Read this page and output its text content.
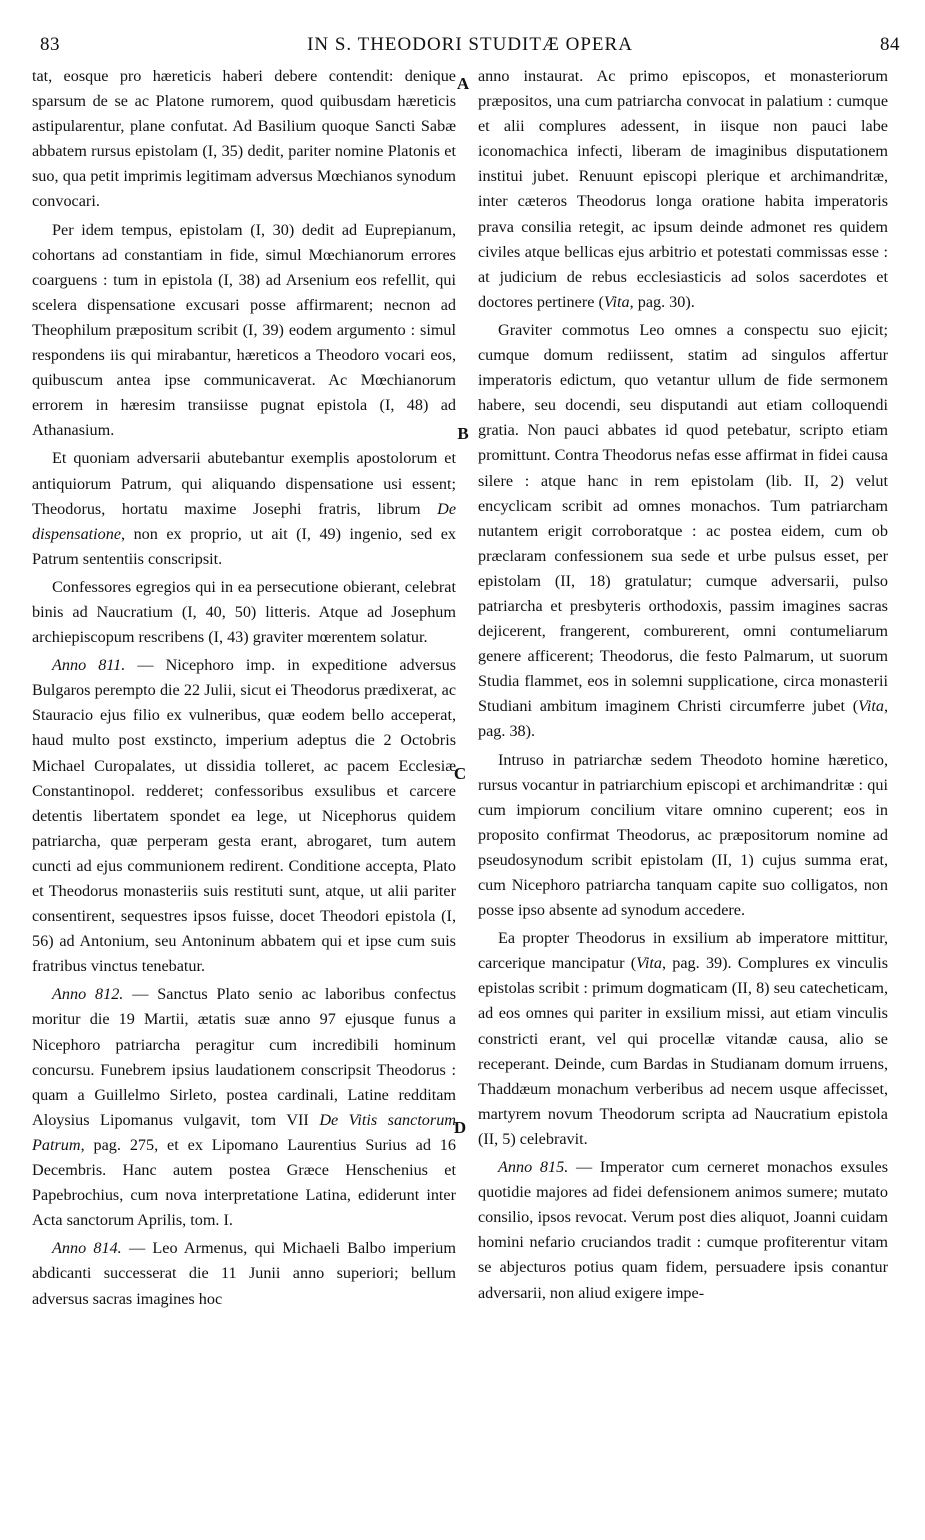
83	IN S. THEODORI STUDITÆ OPERA	84
A
B
C
D

tat, eosque pro hæreticis haberi debere contendit: denique sparsum de se ac Platone rumorem, quod quibusdam hæreticis astipularentur, plane confutat. Ad Basilium quoque Sancti Sabæ abbatem rursus epistolam (I, 35) dedit, pariter nomine Platonis et suo, qua petit imprimis legitimam adversus Mœchianos synodum convocari.

Per idem tempus, epistolam (I, 30) dedit ad Euprepianum, cohortans ad constantiam in fide, simul Mœchianorum errores coarguens : tum in epistola (I, 38) ad Arsenium eos refellit, qui scelera dispensatione excusari posse affirmarent; necnon ad Theophilum præpositum scribit (I, 39) eodem argumento : simul respondens iis qui mirabantur, hæreticos a Theodoro vocari eos, quibuscum antea ipse communicaverat. Ac Mœchianorum errorem in hæresim transiisse pugnat epistola (I, 48) ad Athanasium.

Et quoniam adversarii abutebantur exemplis apostolorum et antiquiorum Patrum, qui aliquando dispensatione usi essent; Theodorus, hortatu maxime Josephi fratris, librum De dispensatione, non ex proprio, ut ait (I, 49) ingenio, sed ex Patrum sententiis conscripsit.

Confessores egregios qui in ea persecutione obierant, celebrat binis ad Naucratium (I, 40, 50) litteris. Atque ad Josephum archiepiscopum rescribens (I, 43) graviter mœrentem solatur.

Anno 811. — Nicephoro imp. in expeditione adversus Bulgaros perempto die 22 Julii, sicut ei Theodorus prædixerat, ac Stauracio ejus filio ex vulneribus, quæ eodem bello acceperat, haud multo post exstincto, imperium adeptus die 2 Octobris Michael Curopalates, ut dissidia tolleret, ac pacem Ecclesiæ Constantinopol. redderet; confessoribus exsulibus et carcere detentis libertatem spondet ea lege, ut Nicephorus quidem patriarcha, quæ perperam gesta erant, abrogaret, tum autem cuncti ad ejus communionem redirent. Conditione accepta, Plato et Theodorus monasteriis suis restituti sunt, atque, ut alii pariter consentirent, sequestres ipsos fuisse, docet Theodori epistola (I, 56) ad Antonium, seu Antoninum abbatem qui et ipse cum suis fratribus vinctus tenebatur.

Anno 812. — Sanctus Plato senio ac laboribus confectus moritur die 19 Martii, ætatis suæ anno 97 ejusque funus a Nicephoro patriarcha peragitur cum incredibili hominum concursu. Funebrem ipsius laudationem conscripsit Theodorus : quam a Guillelmo Sirleto, postea cardinali, Latine redditam Aloysius Lipomanus vulgavit, tom VII De Vitis sanctorum Patrum, pag. 275, et ex Lipomano Laurentius Surius ad 16 Decembris. Hanc autem postea Græce Henschenius et Papebrochius, cum nova interpretatione Latina, ediderunt inter Acta sanctorum Aprilis, tom. I.

Anno 814. — Leo Armenus, qui Michaeli Balbo imperium abdicanti successerat die 11 Junii anno superiori; bellum adversus sacras imagines hoc

anno instaurat. Ac primo episcopos, et monasteriorum præpositos, una cum patriarcha convocat in palatium : cumque et alii complures adessent, in iisque non pauci labe iconomachica infecti, liberam de imaginibus disputationem institui jubet. Renuunt episcopi plerique et archimandritæ, inter cæteros Theodorus longa oratione habita imperatoris prava consilia retegit, ac ipsum deinde admonet res quidem civiles atque bellicas ejus arbitrio et potestati commissas esse : at judicium de rebus ecclesiasticis ad solos sacerdotes et doctores pertinere (Vita, pag. 30).

Graviter commotus Leo omnes a conspectu suo ejicit; cumque domum rediissent, statim ad singulos affertur imperatoris edictum, quo vetantur ullum de fide sermonem habere, seu docendi, seu disputandi aut etiam colloquendi gratia. Non pauci abbates id quod petebatur, scripto etiam promittunt. Contra Theodorus nefas esse affirmat in fidei causa silere : atque hanc in rem epistolam (lib. II, 2) velut encyclicam scribit ad omnes monachos. Tum patriarcham nutantem erigit corroboratque : ac postea eidem, cum ob præclaram confessionem sua sede et urbe pulsus esset, per epistolam (II, 18) gratulatur; cumque adversarii, pulso patriarcha et presbyteris orthodoxis, passim imagines sacras dejicerent, frangerent, comburerent, omni contumeliarum genere afficerent; Theodorus, die festo Palmarum, ut suorum Studia flammet, eos in solemni supplicatione, circa monasterii Studiani ambitum imaginem Christi circumferre jubet (Vita, pag. 38).

Intruso in patriarchæ sedem Theodoto homine hæretico, rursus vocantur in patriarchium episcopi et archimandritæ : qui cum impiorum concilium vitare omnino cuperent; eos in proposito confirmat Theodorus, ac præpositorum nomine ad pseudosynodum scribit epistolam (II, 1) cujus summa erat, cum Nicephoro patriarcha tanquam capite suo colligatos, non posse ipso absente ad synodum accedere.

Ea propter Theodorus in exsilium ab imperatore mittitur, carcerique mancipatur (Vita, pag. 39). Complures ex vinculis epistolas scribit : primum dogmaticam (II, 8) seu catecheticam, ad eos omnes qui pariter in exsilium missi, aut etiam vinculis constricti erant, vel qui procellæ vitandæ causa, alio se receperant. Deinde, cum Bardas in Studianam domum irruens, Thaddæum monachum verberibus ad necem usque affecisset, martyrem novum Theodorum scripta ad Naucratium epistola (II, 5) celebravit.

Anno 815. — Imperator cum cerneret monachos exsules quotidie majores ad fidei defensionem animos sumere; mutato consilio, ipsos revocat. Verum post dies aliquot, Joanni cuidam homini nefario cruciandos tradit : cumque profiterentur vitam se abjecturos potius quam fidem, persuadere ipsis conantur adversarii, non aliud exigere impe-
